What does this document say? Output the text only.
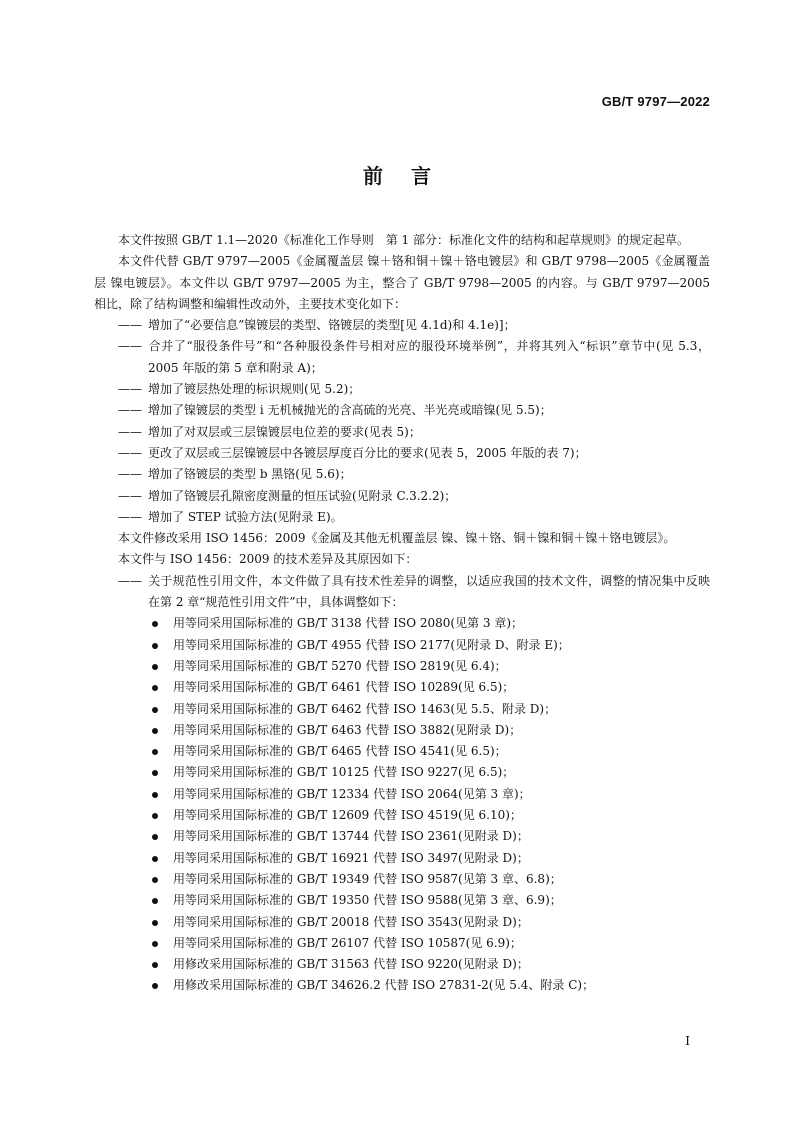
GB/T 9797—2022
前 言
本文件按照 GB/T 1.1—2020《标准化工作导则　第 1 部分：标准化文件的结构和起草规则》的规定起草。
本文件代替 GB/T 9797—2005《金属覆盖层 镍＋铬和铜＋镍＋铬电镀层》和 GB/T 9798—2005《金属覆盖层 镍电镀层》。本文件以 GB/T 9797—2005 为主，整合了 GB/T 9798—2005 的内容。与 GB/T 9797—2005 相比，除了结构调整和编辑性改动外，主要技术变化如下：
—— 增加了“必要信息”镍镀层的类型、铬镀层的类型[见 4.1d)和 4.1e)]；
—— 合并了“服役条件号”和“各种服役条件号相对应的服役环境举例”，并将其列入“标识”章节中(见 5.3，2005 年版的第 5 章和附录 A)；
—— 增加了镀层热处理的标识规则(见 5.2)；
—— 增加了镍镀层的类型 i 无机械抛光的含高硫的光亮、半光亮或暗镍(见 5.5)；
—— 增加了对双层或三层镍镀层电位差的要求(见表 5)；
—— 更改了双层或三层镍镀层中各镀层厚度百分比的要求(见表 5，2005 年版的表 7)；
—— 增加了铬镀层的类型 b 黑铬(见 5.6)；
—— 增加了铬镀层孔隙密度测量的恒压试验(见附录 C.3.2.2)；
—— 增加了 STEP 试验方法(见附录 E)。
本文件修改采用 ISO 1456：2009《金属及其他无机覆盖层 镍、镍＋铬、铜＋镍和铜＋镍＋铬电镀层》。
本文件与 ISO 1456：2009 的技术差异及其原因如下：
—— 关于规范性引用文件，本文件做了具有技术性差异的调整，以适应我国的技术文件，调整的情况集中反映在第 2 章“规范性引用文件”中，具体调整如下：
用等同采用国际标准的 GB/T 3138 代替 ISO 2080(见第 3 章)；
用等同采用国际标准的 GB/T 4955 代替 ISO 2177(见附录 D、附录 E)；
用等同采用国际标准的 GB/T 5270 代替 ISO 2819(见 6.4)；
用等同采用国际标准的 GB/T 6461 代替 ISO 10289(见 6.5)；
用等同采用国际标准的 GB/T 6462 代替 ISO 1463(见 5.5、附录 D)；
用等同采用国际标准的 GB/T 6463 代替 ISO 3882(见附录 D)；
用等同采用国际标准的 GB/T 6465 代替 ISO 4541(见 6.5)；
用等同采用国际标准的 GB/T 10125 代替 ISO 9227(见 6.5)；
用等同采用国际标准的 GB/T 12334 代替 ISO 2064(见第 3 章)；
用等同采用国际标准的 GB/T 12609 代替 ISO 4519(见 6.10)；
用等同采用国际标准的 GB/T 13744 代替 ISO 2361(见附录 D)；
用等同采用国际标准的 GB/T 16921 代替 ISO 3497(见附录 D)；
用等同采用国际标准的 GB/T 19349 代替 ISO 9587(见第 3 章、6.8)；
用等同采用国际标准的 GB/T 19350 代替 ISO 9588(见第 3 章、6.9)；
用等同采用国际标准的 GB/T 20018 代替 ISO 3543(见附录 D)；
用等同采用国际标准的 GB/T 26107 代替 ISO 10587(见 6.9)；
用修改采用国际标准的 GB/T 31563 代替 ISO 9220(见附录 D)；
用修改采用国际标准的 GB/T 34626.2 代替 ISO 27831-2(见 5.4、附录 C)；
I
